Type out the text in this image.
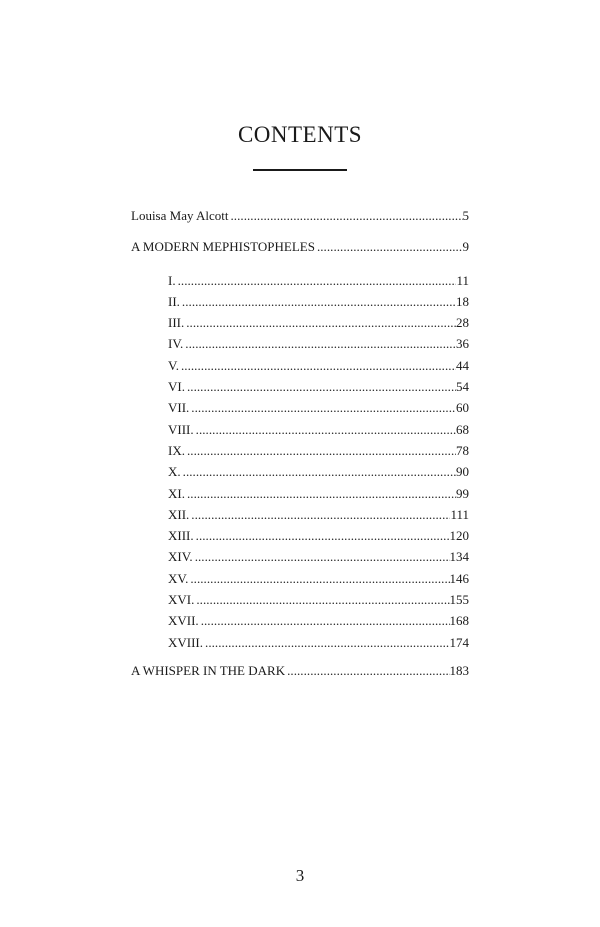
CONTENTS
Louisa May Alcott . . .	5
A MODERN MEPHISTOPHELES . . .	9
I. . . .	11
II. . . .	18
III. . . .	28
IV. . . .	36
V. . . .	44
VI. . . .	54
VII. . . .	60
VIII. . . .	68
IX. . . .	78
X. . . .	90
XI. . . .	99
XII. . . .	111
XIII. . . .	120
XIV. . . .	134
XV. . . .	146
XVI. . . .	155
XVII. . . .	168
XVIII. . . .	174
A WHISPER IN THE DARK . . .	183
3
